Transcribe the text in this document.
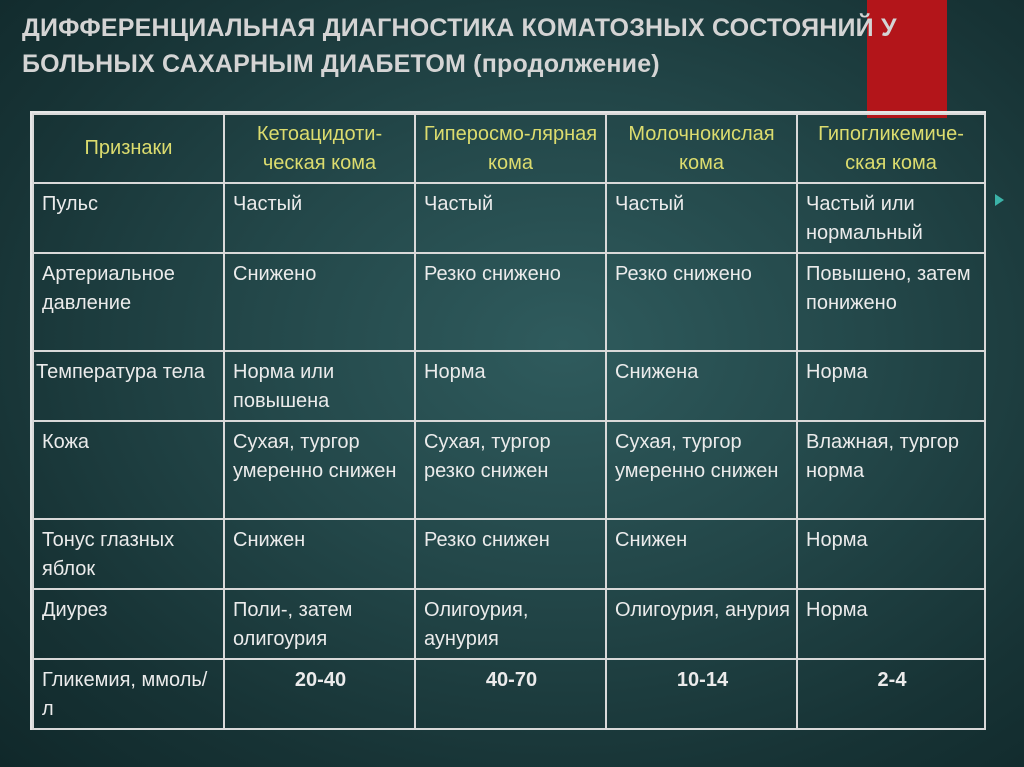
ДИФФЕРЕНЦИАЛЬНАЯ ДИАГНОСТИКА КОМАТОЗНЫХ СОСТОЯНИЙ У БОЛЬНЫХ САХАРНЫМ ДИАБЕТОМ (продолжение)
Признаки	Кетоацидоти-ческая кома	Гиперосмо-лярная кома	Молочнокислая кома	Гипогликемиче-ская кома
Пульс	Частый	Частый	Частый	Частый или нормальный
Артериальное давление	Снижено	Резко снижено	Резко снижено	Повышено, затем понижено
Температура тела	Норма или повышена	Норма	Снижена	Норма
Кожа	Сухая, тургор умеренно снижен	Сухая, тургор резко снижен	Сухая, тургор умеренно снижен	Влажная, тургор норма
Тонус глазных яблок	Снижен	Резко снижен	Снижен	Норма
Диурез	Поли-, затем олигоурия	Олигоурия, аунурия	Олигоурия, анурия	Норма
Гликемия, ммоль/л	20-40	40-70	10-14	2-4
